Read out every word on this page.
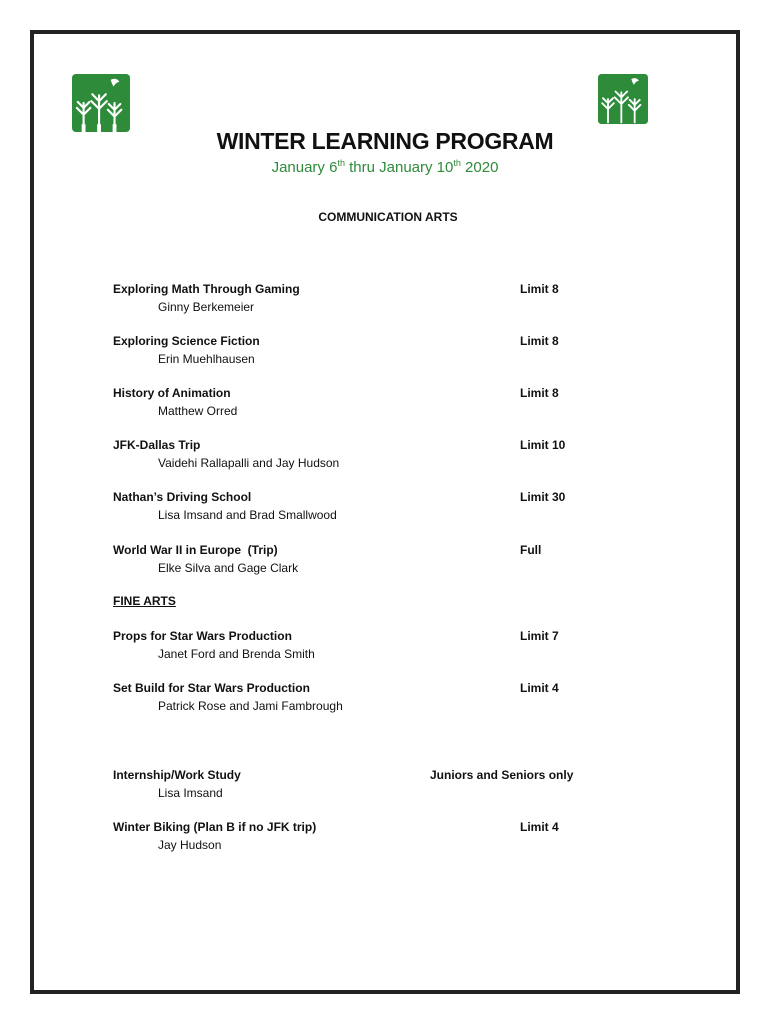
WINTER LEARNING PROGRAM
January 6th thru January 10th 2020
COMMUNICATION ARTS
Exploring Math Through Gaming
Ginny Berkemeier
Limit 8
Exploring Science Fiction
Erin Muehlhausen
Limit 8
History of Animation
Matthew Orred
Limit 8
JFK-Dallas Trip
Vaidehi Rallapalli and Jay Hudson
Limit 10
Nathan’s Driving School
Lisa Imsand and Brad Smallwood
Limit 30
World War II in Europe  (Trip)
Elke Silva and Gage Clark
Full
FINE ARTS
Props for Star Wars Production
Janet Ford and Brenda Smith
Limit 7
Set Build for Star Wars Production
Patrick Rose and Jami Fambrough
Limit 4
Internship/Work Study
Lisa Imsand
Juniors and Seniors only
Winter Biking (Plan B if no JFK trip)
Jay Hudson
Limit 4
